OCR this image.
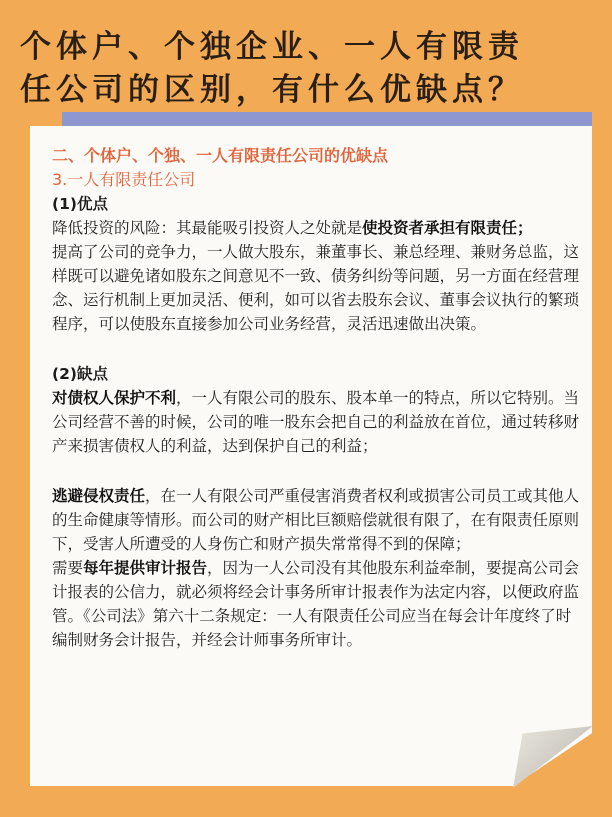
个体户、个独企业、一人有限责
任公司的区别，有什么优缺点？
二、个体户、个独、一人有限责任公司的优缺点
3.一人有限责任公司
(1)优点

降低投资的风险：其最能吸引投资人之处就是使投资者承担有限责任；

提高了公司的竞争力，一人做大股东，兼董事长、兼总经理、兼财务总监，这样既可以避免诸如股东之间意见不一致、债务纠纷等问题，另一方面在经营理念、运行机制上更加灵活、便利，如可以省去股东会议、董事会议执行的繁琐程序，可以使股东直接参加公司业务经营，灵活迅速做出决策。

(2)缺点

对债权人保护不利，一人有限公司的股东、股本单一的特点，所以它特别。当公司经营不善的时候，公司的唯一股东会把自己的利益放在首位，通过转移财产来损害债权人的利益，达到保护自己的利益；

逃避侵权责任，在一人有限公司严重侵害消费者权利或损害公司员工或其他人的生命健康等情形。而公司的财产相比巨额赔偿就很有限了，在有限责任原则下，受害人所遭受的人身伤亡和财产损失常常得不到的保障；

需要每年提供审计报告，因为一人公司没有其他股东利益牵制，要提高公司会计报表的公信力，就必须将经会计事务所审计报表作为法定内容，以便政府监管。《公司法》第六十二条规定：一人有限责任公司应当在每会计年度终了时编制财务会计报告，并经会计师事务所审计。
